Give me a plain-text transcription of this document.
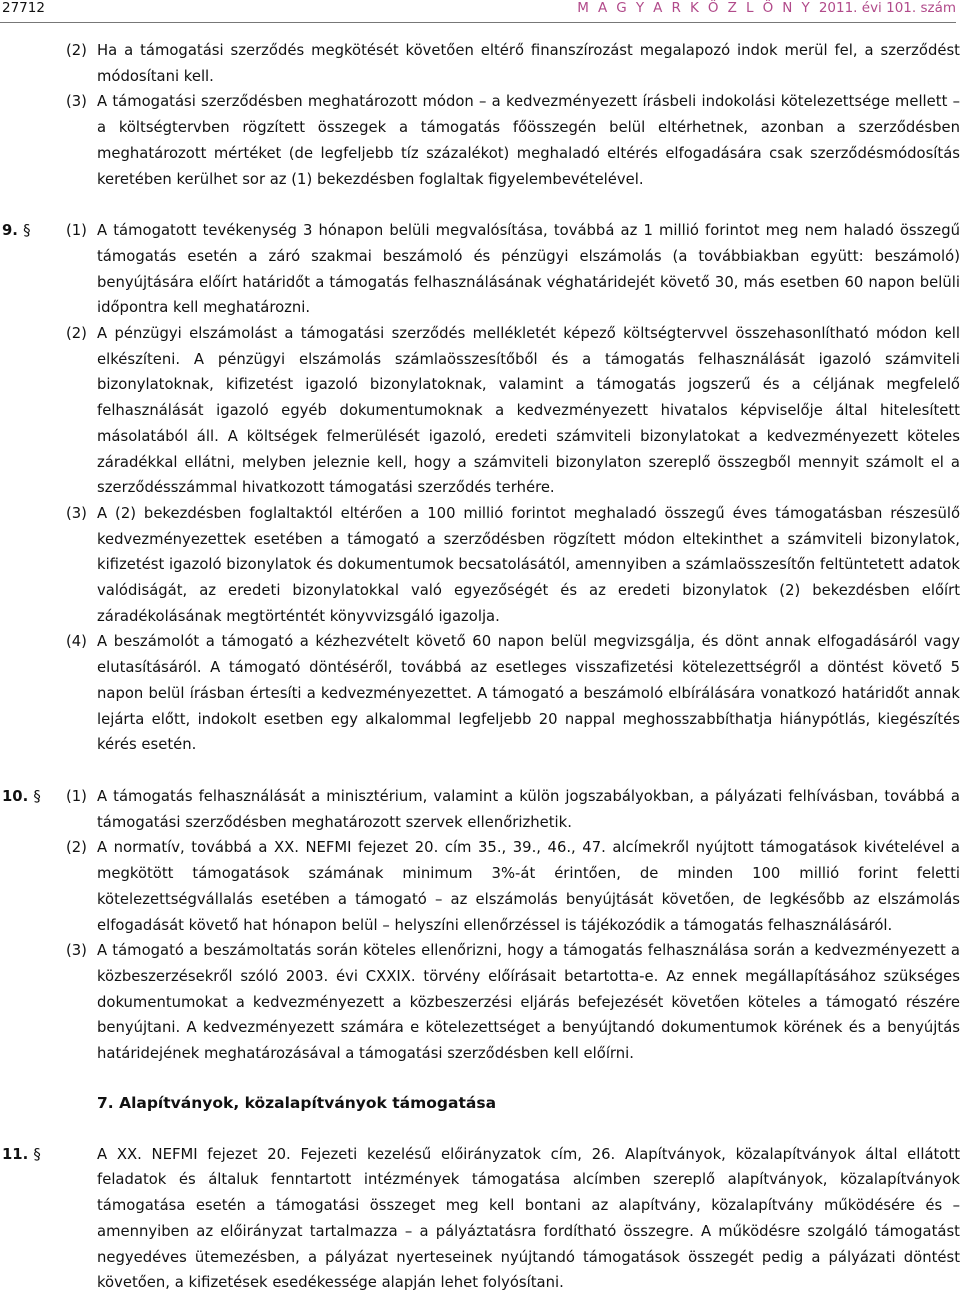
27712	M A G Y A R K Ö Z L Ö N Y 2011. évi 101. szám
(2) Ha a támogatási szerződés megkötését követően eltérő finanszírozást megalapozó indok merül fel, a szerződést módosítani kell.
(3) A támogatási szerződésben meghatározott módon – a kedvezményezett írásbeli indokolási kötelezettsége mellett – a költségtervben rögzített összegek a támogatás főösszegén belül eltérhetnek, azonban a szerződésben meghatározott mértéket (de legfeljebb tíz százalékot) meghaladó eltérés elfogadására csak szerződésmódosítás keretében kerülhet sor az (1) bekezdésben foglaltak figyelembevételével.
9. § (1) A támogatott tevékenység 3 hónapon belüli megvalósítása, továbbá az 1 millió forintot meg nem haladó összegű támogatás esetén a záró szakmai beszámoló és pénzügyi elszámolás (a továbbiakban együtt: beszámoló) benyújtására előírt határidőt a támogatás felhasználásának véghatáridejét követő 30, más esetben 60 napon belüli időpontra kell meghatározni.
(2) A pénzügyi elszámolást a támogatási szerződés mellékletét képező költségtervvel összehasonlítható módon kell elkészíteni. A pénzügyi elszámolás számlaösszesítőből és a támogatás felhasználását igazoló számviteli bizonylatoknak, kifizetést igazoló bizonylatoknak, valamint a támogatás jogszerű és a céljának megfelelő felhasználását igazoló egyéb dokumentumoknak a kedvezményezett hivatalos képviselője által hitelesített másolatából áll. A költségek felmerülését igazoló, eredeti számviteli bizonylatokat a kedvezményezett köteles záradékkal ellátni, melyben jeleznie kell, hogy a számviteli bizonylaton szereplő összegből mennyit számolt el a szerződésszámmal hivatkozott támogatási szerződés terhére.
(3) A (2) bekezdésben foglaltaktól eltérően a 100 millió forintot meghaladó összegű éves támogatásban részesülő kedvezményezettek esetében a támogató a szerződésben rögzített módon eltekinthet a számviteli bizonylatok, kifizetést igazoló bizonylatok és dokumentumok becsatolásától, amennyiben a számlaösszesítőn feltüntetett adatok valódiságát, az eredeti bizonylatokkal való egyezőségét és az eredeti bizonylatok (2) bekezdésben előírt záradékolásának megtörténtét könyvvizsgáló igazolja.
(4) A beszámolót a támogató a kézhezvételt követő 60 napon belül megvizsgálja, és dönt annak elfogadásáról vagy elutasításáról. A támogató döntéséről, továbbá az esetleges visszafizetési kötelezettségről a döntést követő 5 napon belül írásban értesíti a kedvezményezettet. A támogató a beszámoló elbírálására vonatkozó határidőt annak lejárta előtt, indokolt esetben egy alkalommal legfeljebb 20 nappal meghosszabbíthatja hiánypótlás, kiegészítés kérés esetén.
10. § (1) A támogatás felhasználását a minisztérium, valamint a külön jogszabályokban, a pályázati felhívásban, továbbá a támogatási szerződésben meghatározott szervek ellenőrizhetik.
(2) A normatív, továbbá a XX. NEFMI fejezet 20. cím 35., 39., 46., 47. alcímekről nyújtott támogatások kivételével a megkötött támogatások számának minimum 3%-át érintően, de minden 100 millió forint feletti kötelezettségvállalás esetében a támogató – az elszámolás benyújtását követően, de legkésőbb az elszámolás elfogadását követő hat hónapon belül – helyszíni ellenőrzéssel is tájékozódik a támogatás felhasználásáról.
(3) A támogató a beszámoltatás során köteles ellenőrizni, hogy a támogatás felhasználása során a kedvezményezett a közbeszerzésekről szóló 2003. évi CXXIX. törvény előírásait betartotta-e. Az ennek megállapításához szükséges dokumentumokat a kedvezményezett a közbeszerzési eljárás befejezését követően köteles a támogató részére benyújtani. A kedvezményezett számára e kötelezettséget a benyújtandó dokumentumok körének és a benyújtás határidejének meghatározásával a támogatási szerződésben kell előírni.
7. Alapítványok, közalapítványok támogatása
11. §	A XX. NEFMI fejezet 20. Fejezeti kezelésű előirányzatok cím, 26. Alapítványok, közalapítványok által ellátott feladatok és általuk fenntartott intézmények támogatása alcímben szereplő alapítványok, közalapítványok támogatása esetén a támogatási összeget meg kell bontani az alapítvány, közalapítvány működésére és – amennyiben az előirányzat tartalmazza – a pályáztatásra fordítható összegre. A működésre szolgáló támogatást negyedéves ütemezésben, a pályázat nyerteseinek nyújtandó támogatások összegét pedig a pályázati döntést követően, a kifizetések esedékessége alapján lehet folyósítani.
